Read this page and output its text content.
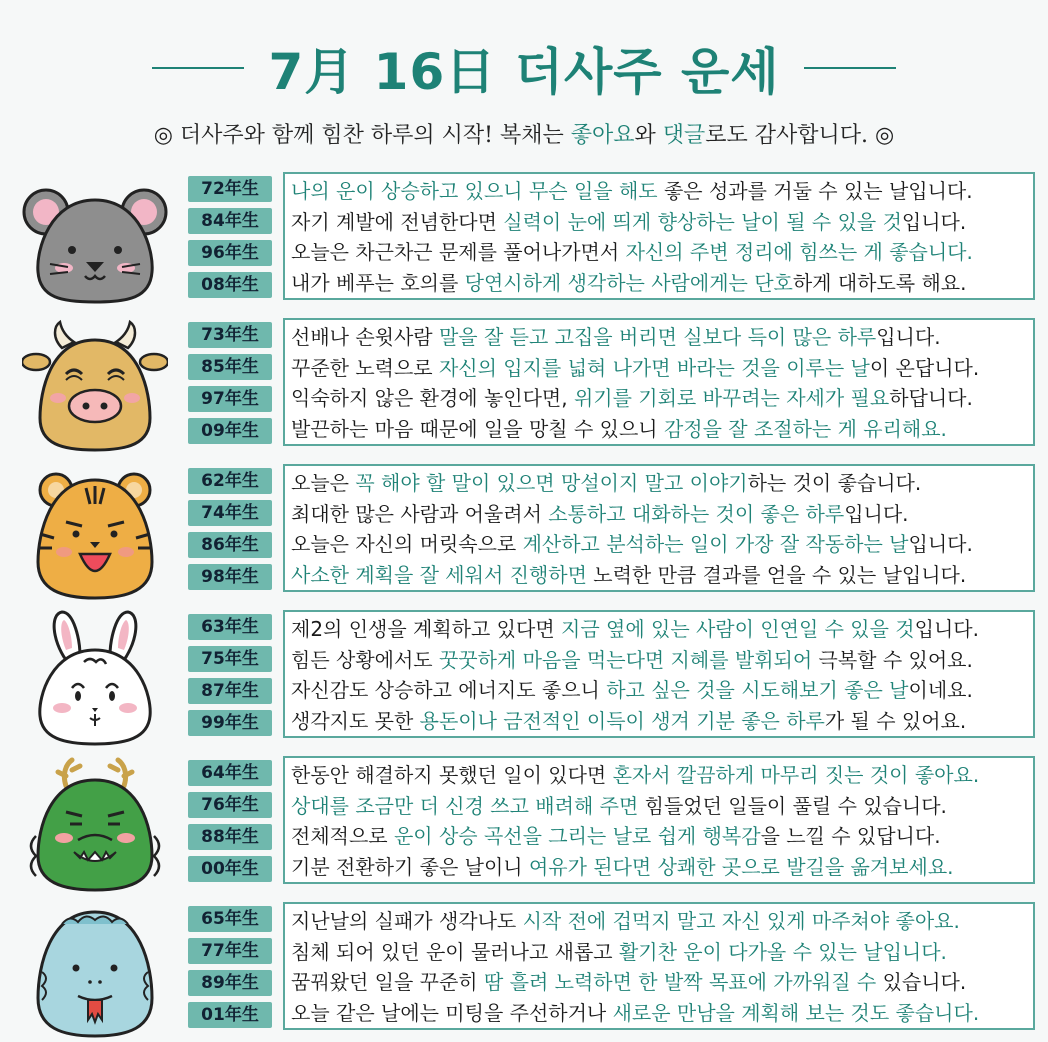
7月 16日 더사주 운세
◎ 더사주와 함께 힘찬 하루의 시작! 복채는 좋아요와 댓글로도 감사합니다. ◎
72年生
84年生
96年生
08年生
나의 운이 상승하고 있으니 무슨 일을 해도 좋은 성과를 거둘 수 있는 날입니다.
자기 계발에 전념한다면 실력이 눈에 띄게 향상하는 날이 될 수 있을 것입니다.
오늘은 차근차근 문제를 풀어나가면서 자신의 주변 정리에 힘쓰는 게 좋습니다.
내가 베푸는 호의를 당연시하게 생각하는 사람에게는 단호하게 대하도록 해요.
73年生
85年生
97年生
09年生
선배나 손윗사람 말을 잘 듣고 고집을 버리면 실보다 득이 많은 하루입니다.
꾸준한 노력으로 자신의 입지를 넓혀 나가면 바라는 것을 이루는 날이 온답니다.
익숙하지 않은 환경에 놓인다면, 위기를 기회로 바꾸려는 자세가 필요하답니다.
발끈하는 마음 때문에 일을 망칠 수 있으니 감정을 잘 조절하는 게 유리해요.
62年生
74年生
86年生
98年生
오늘은 꼭 해야 할 말이 있으면 망설이지 말고 이야기하는 것이 좋습니다.
최대한 많은 사람과 어울려서 소통하고 대화하는 것이 좋은 하루입니다.
오늘은 자신의 머릿속으로 계산하고 분석하는 일이 가장 잘 작동하는 날입니다.
사소한 계획을 잘 세워서 진행하면 노력한 만큼 결과를 얻을 수 있는 날입니다.
63年生
75年生
87年生
99年生
제2의 인생을 계획하고 있다면 지금 옆에 있는 사람이 인연일 수 있을 것입니다.
힘든 상황에서도 꿋꿋하게 마음을 먹는다면 지혜를 발휘되어 극복할 수 있어요.
자신감도 상승하고 에너지도 좋으니 하고 싶은 것을 시도해보기 좋은 날이네요.
생각지도 못한 용돈이나 금전적인 이득이 생겨 기분 좋은 하루가 될 수 있어요.
64年生
76年生
88年生
00年生
한동안 해결하지 못했던 일이 있다면 혼자서 깔끔하게 마무리 짓는 것이 좋아요.
상대를 조금만 더 신경 쓰고 배려해 주면 힘들었던 일들이 풀릴 수 있습니다.
전체적으로 운이 상승 곡선을 그리는 날로 쉽게 행복감을 느낄 수 있답니다.
기분 전환하기 좋은 날이니 여유가 된다면 상쾌한 곳으로 발길을 옮겨보세요.
65年生
77年生
89年生
01年生
지난날의 실패가 생각나도 시작 전에 겁먹지 말고 자신 있게 마주쳐야 좋아요.
침체 되어 있던 운이 물러나고 새롭고 활기찬 운이 다가올 수 있는 날입니다.
꿈꿔왔던 일을 꾸준히 땀 흘려 노력하면 한 발짝 목표에 가까워질 수 있습니다.
오늘 같은 날에는 미팅을 주선하거나 새로운 만남을 계획해 보는 것도 좋습니다.
